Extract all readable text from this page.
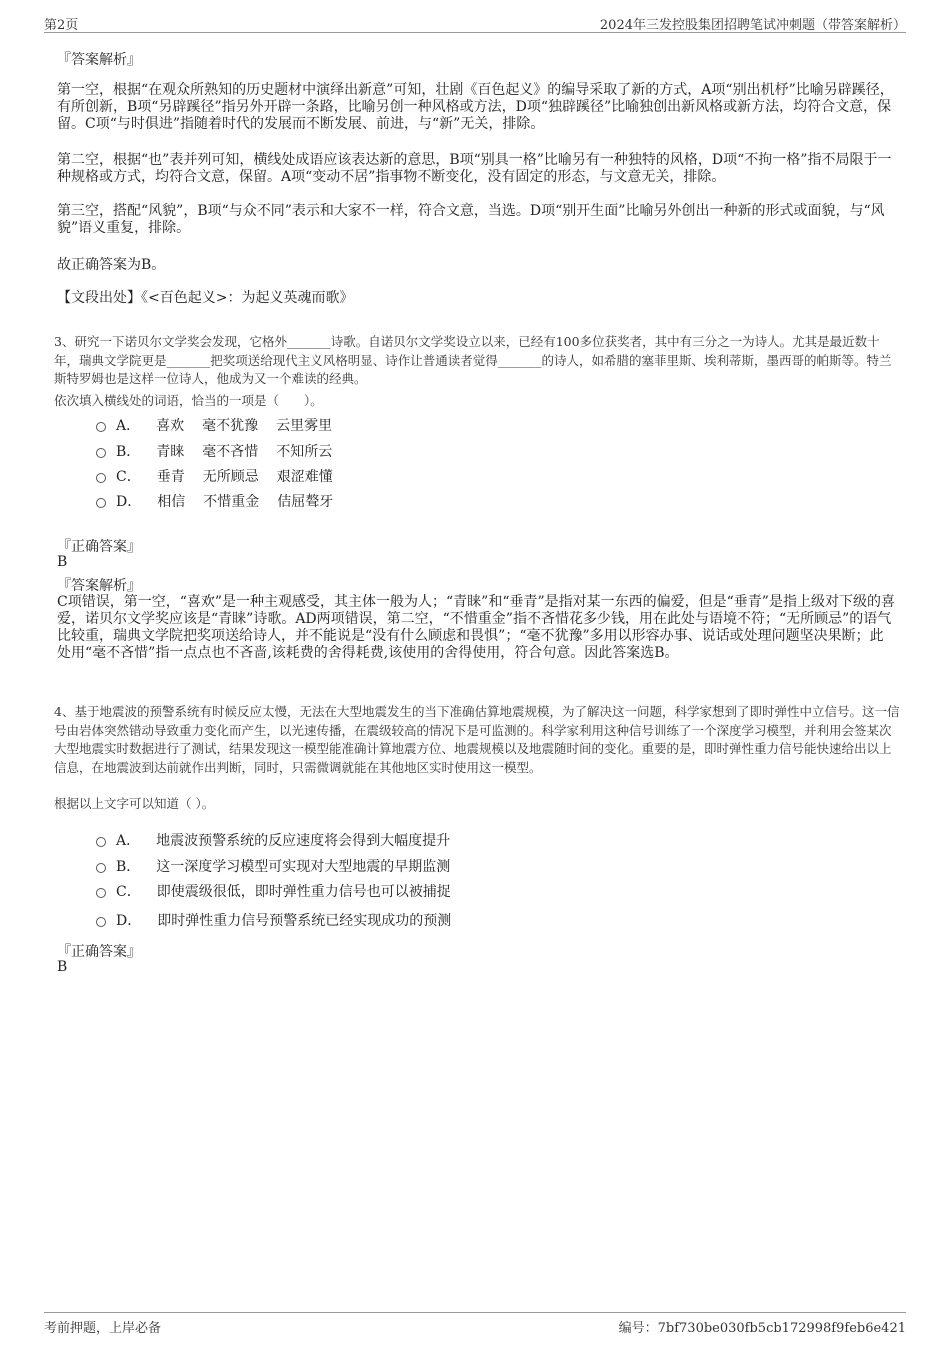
第2页	2024年三发控股集团招聘笔试冲刺题（带答案解析）
『答案解析』
第一空，根据“在观众所熟知的历史题材中演绎出新意”可知，壮剧《百色起义》的编导采取了新的方式，A项“别出机杼”比喻另辟蹊径，有所创新，B项“另辟蹊径”指另外开辟一条路，比喻另创一种风格或方法，D项“独辟蹊径”比喻独创出新风格或新方法，均符合文意，保留。C项“与时俱进”指随着时代的发展而不断发展、前进，与“新”无关，排除。
第二空，根据“也”表并列可知，横线处成语应该表达新的意思，B项“别具一格”比喻另有一种独特的风格，D项“不拘一格”指不局限于一种规格或方式，均符合文意，保留。A项“变动不居”指事物不断变化，没有固定的形态，与文意无关，排除。
第三空，搭配“风貌”，B项“与众不同”表示和大家不一样，符合文意，当选。D项“别开生面”比喻另外创出一种新的形式或面貌，与“风貌”语义重复，排除。
故正确答案为B。
【文段出处】《<百色起义>：为起义英魂而歌》
3、研究一下诺贝尔文学奖会发现，它格外_______诗歌。自诺贝尔文学奖设立以来，已经有100多位获奖者，其中有三分之一为诗人。尤其是最近数十年，瑞典文学院更是_______把奖项送给现代主义风格明显、诗作让普通读者觉得_______的诗人，如希腊的塞菲里斯、埃利蒂斯，墨西哥的帕斯等。特兰斯特罗姆也是这样一位诗人，他成为又一个难读的经典。
依次填入横线处的词语，恰当的一项是（　　）。
A． 喜欢 毫不犹豫 云里雾里
B． 青睐 毫不吝惜 不知所云
C． 垂青 无所顾忌 艰涩难懂
D． 相信 不惜重金 佶屈聱牙
『正确答案』
B
『答案解析』
C项错误，第一空，“喜欢”是一种主观感受，其主体一般为人；“青睐”和“垂青”是指对某一东西的偏爱，但是“垂青”是指上级对下级的喜爱，诺贝尔文学奖应该是“青睐”诗歌。AD两项错误，第二空，“不惜重金”指不吝惜花多少钱，用在此处与语境不符；“无所顾忌”的语气比较重，瑞典文学院把奖项送给诗人，并不能说是“没有什么顾虑和畏惧”；“毫不犹豫”多用以形容办事、说话或处理问题坚决果断；此处用“毫不吝惜”指一点点也不吝啬,该耗费的舍得耗费,该使用的舍得使用，符合句意。因此答案选B。
4、基于地震波的预警系统有时候反应太慢，无法在大型地震发生的当下准确估算地震规模，为了解决这一问题，科学家想到了即时弹性中立信号。这一信号由岩体突然错动导致重力变化而产生，以光速传播，在震级较高的情况下是可监测的。科学家利用这种信号训练了一个深度学习模型，并利用会签某次大型地震实时数据进行了测试，结果发现这一模型能准确计算地震方位、地震规模以及地震随时间的变化。重要的是，即时弹性重力信号能快速给出以上信息，在地震波到达前就作出判断，同时，只需微调就能在其他地区实时使用这一模型。
根据以上文字可以知道（ ）。
A． 地震波预警系统的反应速度将会得到大幅度提升
B． 这一深度学习模型可实现对大型地震的早期监测
C． 即使震级很低，即时弹性重力信号也可以被捕捉
D． 即时弹性重力信号预警系统已经实现成功的预测
『正确答案』
B
考前押题，上岸必备	编号：7bf730be030fb5cb172998f9feb6e421
